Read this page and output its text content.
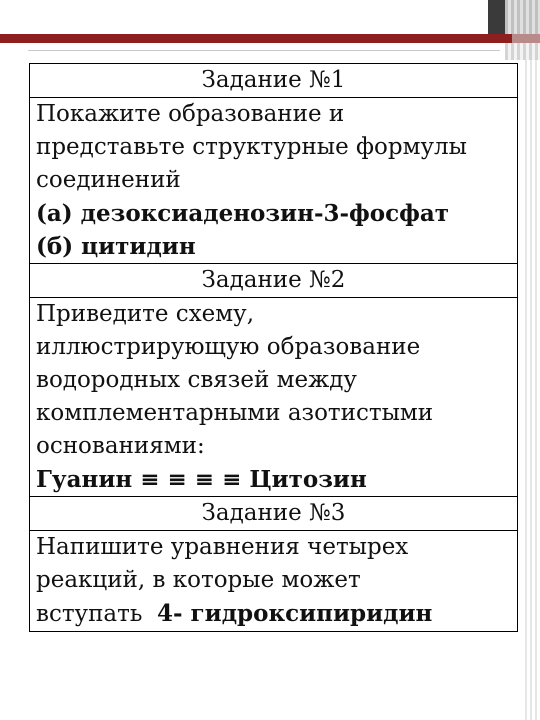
Задание №1

Покажите образование и
представьте структурные формулы
соединений
(а) дезоксиаденозин-3-фосфат
(б) цитидин

Задание №2

Приведите схему,
иллюстрирующую образование
водородных связей между
комплементарными азотистыми
основаниями:
Гуанин ≡ ≡ ≡ ≡ Цитозин

Задание №3

Напишите уравнения четырех
реакций, в которые может
вступать  4- гидроксипиридин
